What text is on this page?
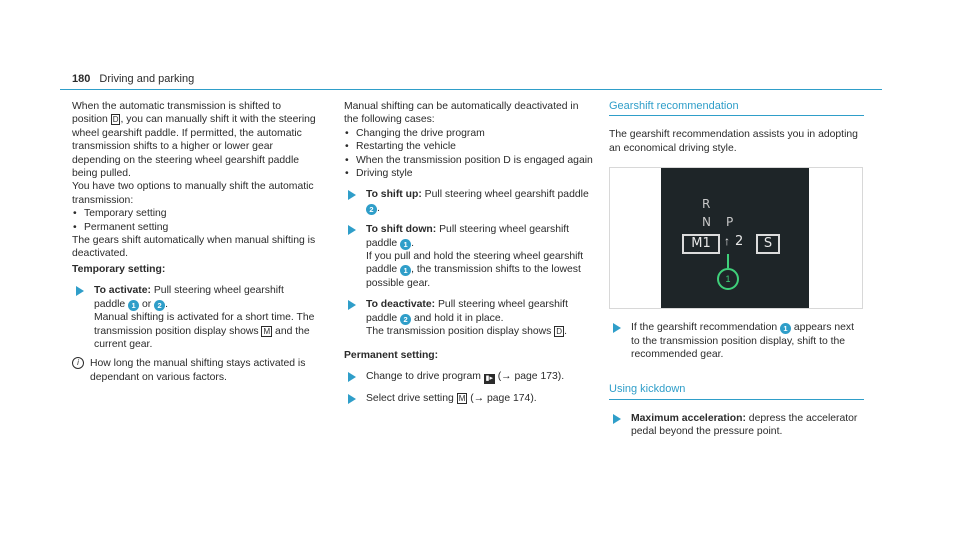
180 Driving and parking

When the automatic transmission is shifted to position D , you can manually shift it with the steering wheel gearshift paddle. If permitted, the automatic transmission shifts to a higher or lower gear depending on the steering wheel gearshift paddle being pulled.

You have two options to manually shift the automatic transmission:

• Temporary setting
• Permanent setting

The gears shift automatically when manual shifting is deactivated.

Temporary setting:

To activate: Pull steering wheel gearshift paddle 1 or 2 .
Manual shifting is activated for a short time. The transmission position display shows M and the current gear.
i	How long the manual shifting stays activated is dependant on various factors.

Manual shifting can be automatically deactivated in the following cases:

• Changing the drive program
• Restarting the vehicle
• When the transmission position D is engaged again
• Driving style
To shift up: Pull steering wheel gearshift paddle 2 .
To shift down: Pull steering wheel gearshift paddle 1 .
If you pull and hold the steering wheel gearshift paddle 1 , the transmission shifts to the lowest possible gear.
To deactivate: Pull steering wheel gearshift paddle 2 and hold it in place.
The transmission position display shows D .

Permanent setting:

Change to drive program ▮▸ (→ page 173).
Select drive setting M (→ page 174).
Gearshift recommendation

The gearshift recommendation assists you in adopting an economical driving style.

R
N P
M1	↑ 2	S
1
If the gearshift recommendation 1 appears next to the transmission position display, shift to the recommended gear.
Using kickdown
Maximum acceleration: depress the accelerator pedal beyond the pressure point.
